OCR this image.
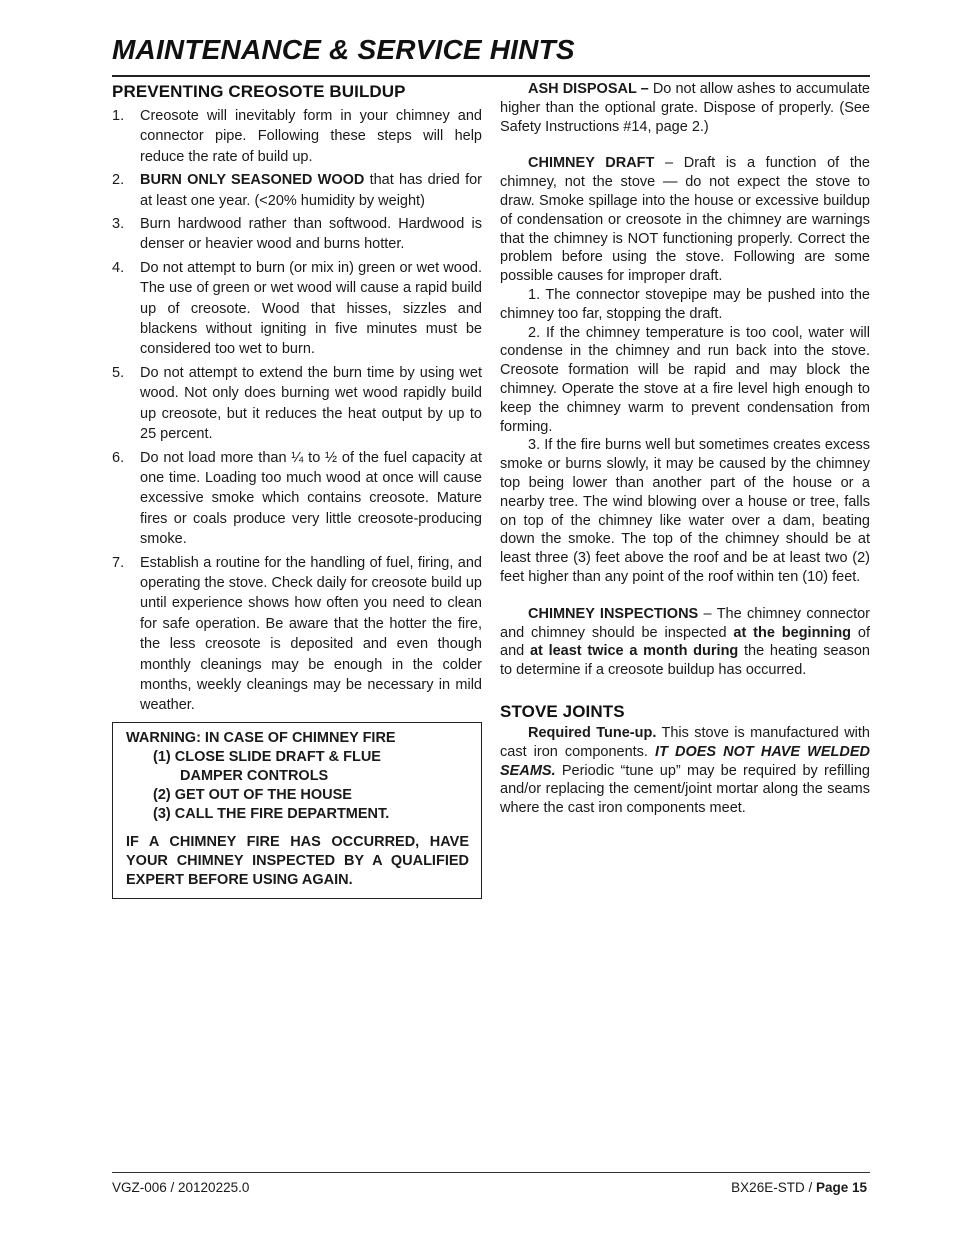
MAINTENANCE & SERVICE HINTS
PREVENTING CREOSOTE BUILDUP
1.	Creosote will inevitably form in your chimney and connector pipe. Following these steps will help reduce the rate of build up.
2.	BURN ONLY SEASONED WOOD that has dried for at least one year. (<20% humidity by weight)
3.	Burn hardwood rather than softwood. Hardwood is denser or heavier wood and burns hotter.
4.	Do not attempt to burn (or mix in) green or wet wood. The use of green or wet wood will cause a rapid build up of creosote. Wood that hisses, sizzles and blackens without igniting in five minutes must be considered too wet to burn.
5.	Do not attempt to extend the burn time by using wet wood. Not only does burning wet wood rapidly build up creosote, but it reduces the heat output by up to 25 percent.
6.	Do not load more than ¼ to ½ of the fuel capacity at one time. Loading too much wood at once will cause excessive smoke which contains creosote. Mature fires or coals produce very little creosote-producing smoke.
7.	Establish a routine for the handling of fuel, firing, and operating the stove. Check daily for creosote build up until experience shows how often you need to clean for safe operation. Be aware that the hotter the fire, the less creosote is deposited and even though monthly cleanings may be enough in the colder months, weekly cleanings may be necessary in mild weather.
WARNING: IN CASE OF CHIMNEY FIRE
(1) CLOSE SLIDE DRAFT & FLUE
DAMPER CONTROLS
(2) GET OUT OF THE HOUSE
(3) CALL THE FIRE DEPARTMENT.

IF A CHIMNEY FIRE HAS OCCURRED, HAVE YOUR CHIMNEY INSPECTED BY A QUALIFIED EXPERT BEFORE USING AGAIN.

ASH DISPOSAL – Do not allow ashes to accumulate higher than the optional grate. Dispose of properly. (See Safety Instructions #14, page 2.)

CHIMNEY DRAFT – Draft is a function of the chimney, not the stove — do not expect the stove to draw. Smoke spillage into the house or excessive buildup of condensation or creosote in the chimney are warnings that the chimney is NOT functioning properly. Correct the problem before using the stove. Following are some possible causes for improper draft.

1. The connector stovepipe may be pushed into the chimney too far, stopping the draft.

2. If the chimney temperature is too cool, water will condense in the chimney and run back into the stove. Creosote formation will be rapid and may block the chimney. Operate the stove at a fire level high enough to keep the chimney warm to prevent condensation from forming.

3. If the fire burns well but sometimes creates excess smoke or burns slowly, it may be caused by the chimney top being lower than another part of the house or a nearby tree. The wind blowing over a house or tree, falls on top of the chimney like water over a dam, beating down the smoke. The top of the chimney should be at least three (3) feet above the roof and be at least two (2) feet higher than any point of the roof within ten (10) feet.

CHIMNEY INSPECTIONS – The chimney connector and chimney should be inspected at the beginning of and at least twice a month during the heating season to determine if a creosote buildup has occurred.

STOVE JOINTS

Required Tune-up. This stove is manufactured with cast iron components. IT DOES NOT HAVE WELDED SEAMS. Periodic “tune up” may be required by refilling and/or replacing the cement/joint mortar along the seams where the cast iron components meet.

VGZ-006 / 20120225.0	BX26E-STD / Page 15
